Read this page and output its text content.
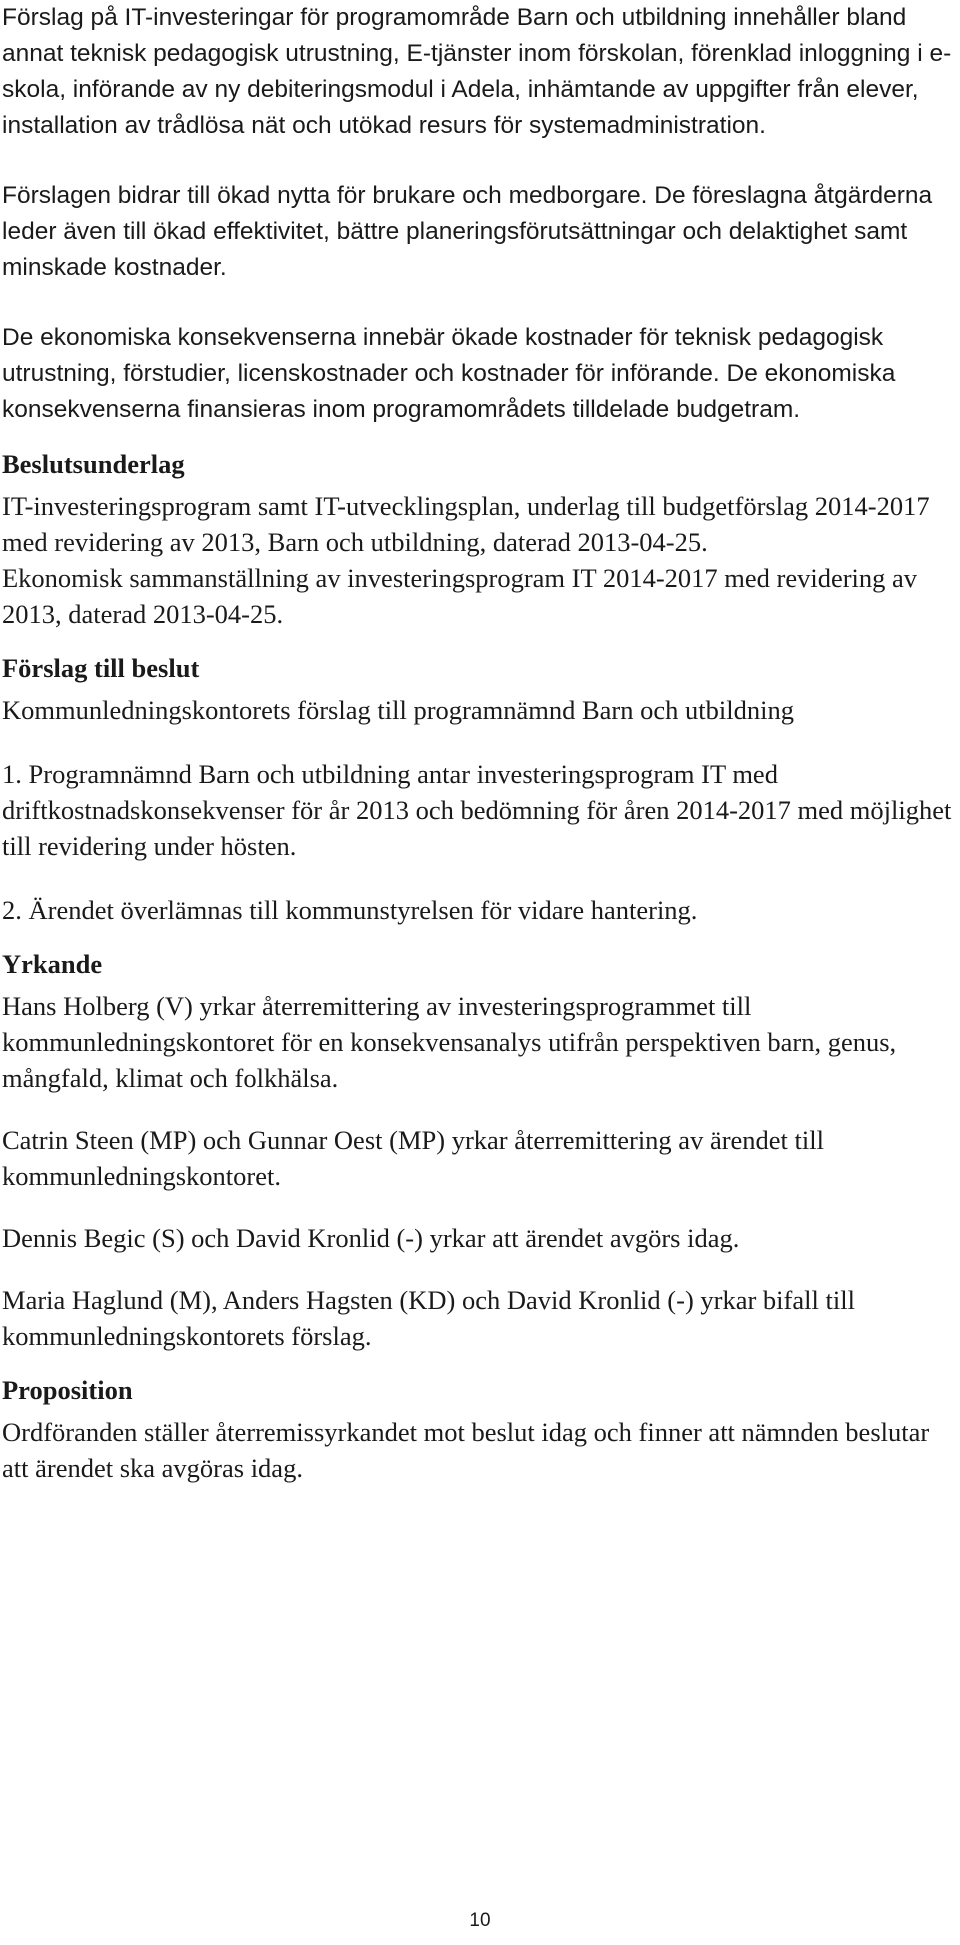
Förslag på IT-investeringar för programområde Barn och utbildning innehåller bland annat teknisk pedagogisk utrustning, E-tjänster inom förskolan, förenklad inloggning i e-skola, införande av ny debiteringsmodul i Adela, inhämtande av uppgifter från elever, installation av trådlösa nät och utökad resurs för systemadministration.

Förslagen bidrar till ökad nytta för brukare och medborgare. De föreslagna åtgärderna leder även till ökad effektivitet, bättre planeringsförutsättningar och delaktighet samt minskade kostnader.

De ekonomiska konsekvenserna innebär ökade kostnader för teknisk pedagogisk utrustning, förstudier, licenskostnader och kostnader för införande. De ekonomiska konsekvenserna finansieras inom programområdets tilldelade budgetram.

Beslutsunderlag

IT-investeringsprogram samt IT-utvecklingsplan, underlag till budgetförslag 2014-2017 med revidering av 2013, Barn och utbildning, daterad 2013-04-25.

Ekonomisk sammanställning av investeringsprogram IT 2014-2017 med revidering av 2013, daterad 2013-04-25.

Förslag till beslut

Kommunledningskontorets förslag till programnämnd Barn och utbildning

1. Programnämnd Barn och utbildning antar investeringsprogram IT med driftkostnadskonsekvenser för år 2013 och bedömning för åren 2014-2017 med möjlighet till revidering under hösten.

2. Ärendet överlämnas till kommunstyrelsen för vidare hantering.

Yrkande

Hans Holberg (V) yrkar återremittering av investeringsprogrammet till kommunledningskontoret för en konsekvensanalys utifrån perspektiven barn, genus, mångfald, klimat och folkhälsa.

Catrin Steen (MP) och Gunnar Oest (MP) yrkar återremittering av ärendet till kommunledningskontoret.

Dennis Begic (S) och David Kronlid (-) yrkar att ärendet avgörs idag.

Maria Haglund (M), Anders Hagsten (KD) och David Kronlid (-) yrkar bifall till kommunledningskontorets förslag.

Proposition

Ordföranden ställer återremissyrkandet mot beslut idag och finner att nämnden beslutar att ärendet ska avgöras idag.

10
